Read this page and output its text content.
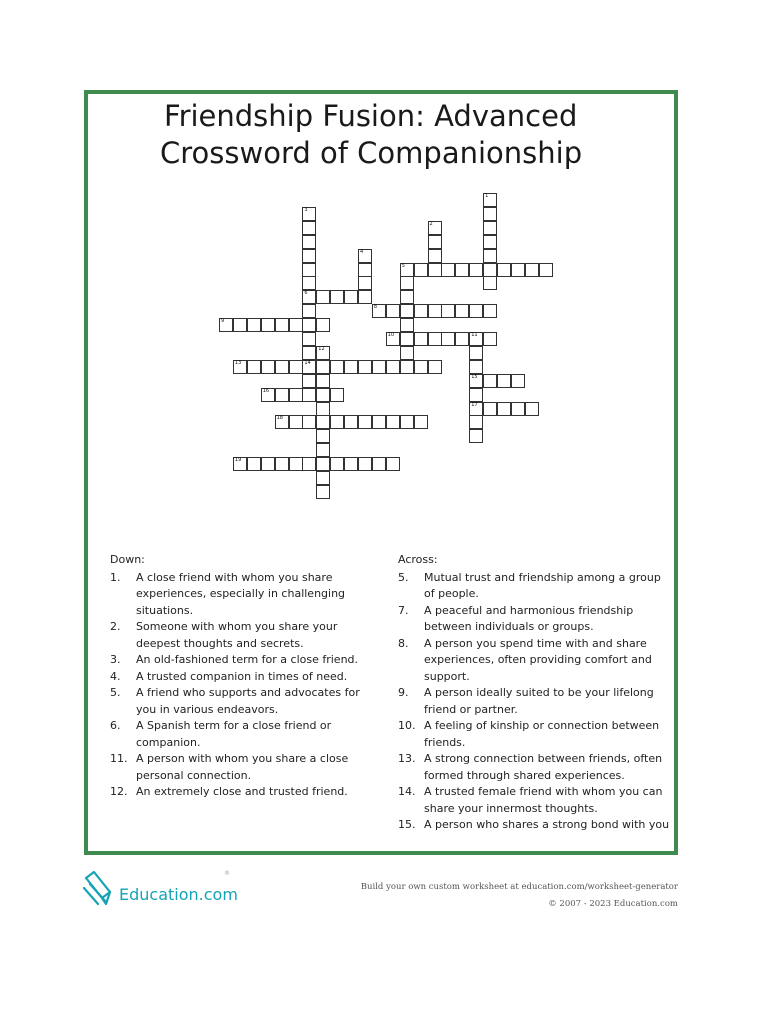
Friendship Fusion: Advanced
Crossword of Companionship
1
2
3
4
5
6
14
11
15
17
12
8
9
10
13
16
18
19
Down:
1.	A close friend with whom you share experiences, especially in challenging situations.
2.	Someone with whom you share your deepest thoughts and secrets.
3.	An old-fashioned term for a close friend.
4.	A trusted companion in times of need.
5.	A friend who supports and advocates for you in various endeavors.
6.	A Spanish term for a close friend or companion.
11. A person with whom you share a close personal connection.
12. An extremely close and trusted friend.
Across:
5.	Mutual trust and friendship among a group of people.
7.	A peaceful and harmonious friendship between individuals or groups.
8.	A person you spend time with and share experiences, often providing comfort and support.
9.	A person ideally suited to be your lifelong friend or partner.
10. A feeling of kinship or connection between friends.
13. A strong connection between friends, often formed through shared experiences.
14. A trusted female friend with whom you can share your innermost thoughts.
15. A person who shares a strong bond with you
Education.com
®
Build your own custom worksheet at education.com/worksheet-generator
© 2007 - 2023 Education.com
